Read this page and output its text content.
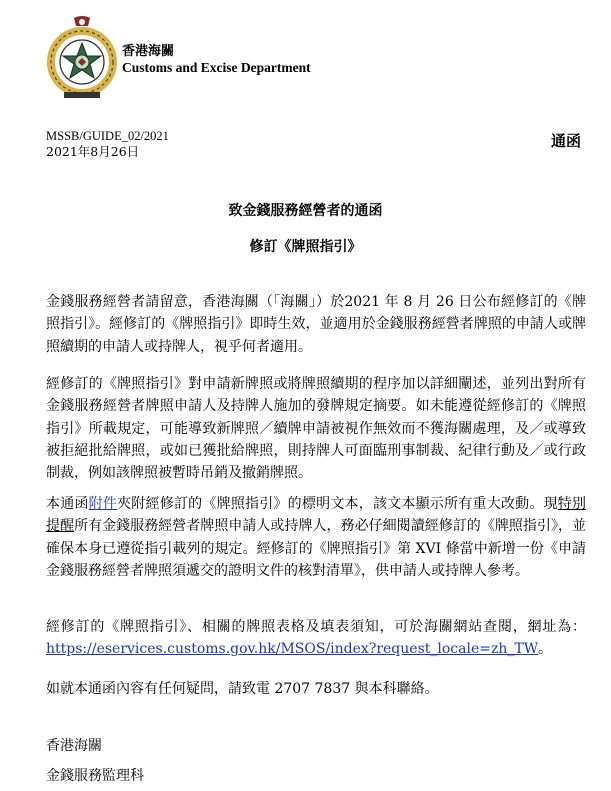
香港海關
Customs and Excise Department
MSSB/GUIDE_02/2021
2021年8月26日
通函
致金錢服務經營者的通函
修訂《牌照指引》
金錢服務經營者請留意，香港海關（「海關」）於2021 年 8 月 26 日公布經修訂的《牌照指引》。經修訂的《牌照指引》即時生效，並適用於金錢服務經營者牌照的申請人或牌照續期的申請人或持牌人，視乎何者適用。
經修訂的《牌照指引》對申請新牌照或將牌照續期的程序加以詳細闡述，並列出對所有金錢服務經營者牌照申請人及持牌人施加的發牌規定摘要。如未能遵從經修訂的《牌照指引》所載規定，可能導致新牌照／續牌申請被視作無效而不獲海關處理，及／或導致被拒絕批給牌照，或如已獲批給牌照，則持牌人可面臨刑事制裁、紀律行動及／或行政制裁，例如該牌照被暫時吊銷及撤銷牌照。
本通函附件夾附經修訂的《牌照指引》的標明文本，該文本顯示所有重大改動。現特別提醒所有金錢服務經營者牌照申請人或持牌人，務必仔細閱讀經修訂的《牌照指引》，並確保本身已遵從指引載列的規定。經修訂的《牌照指引》第 XVI 條當中新增一份《申請金錢服務經營者牌照須遞交的證明文件的核對清單》，供申請人或持牌人參考。
經修訂的《牌照指引》、相關的牌照表格及填表須知，可於海關網站查閱，網址為：https://eservices.customs.gov.hk/MSOS/index?request_locale=zh_TW。
如就本通函內容有任何疑問，請致電 2707 7837 與本科聯絡。
香港海關
金錢服務監理科
